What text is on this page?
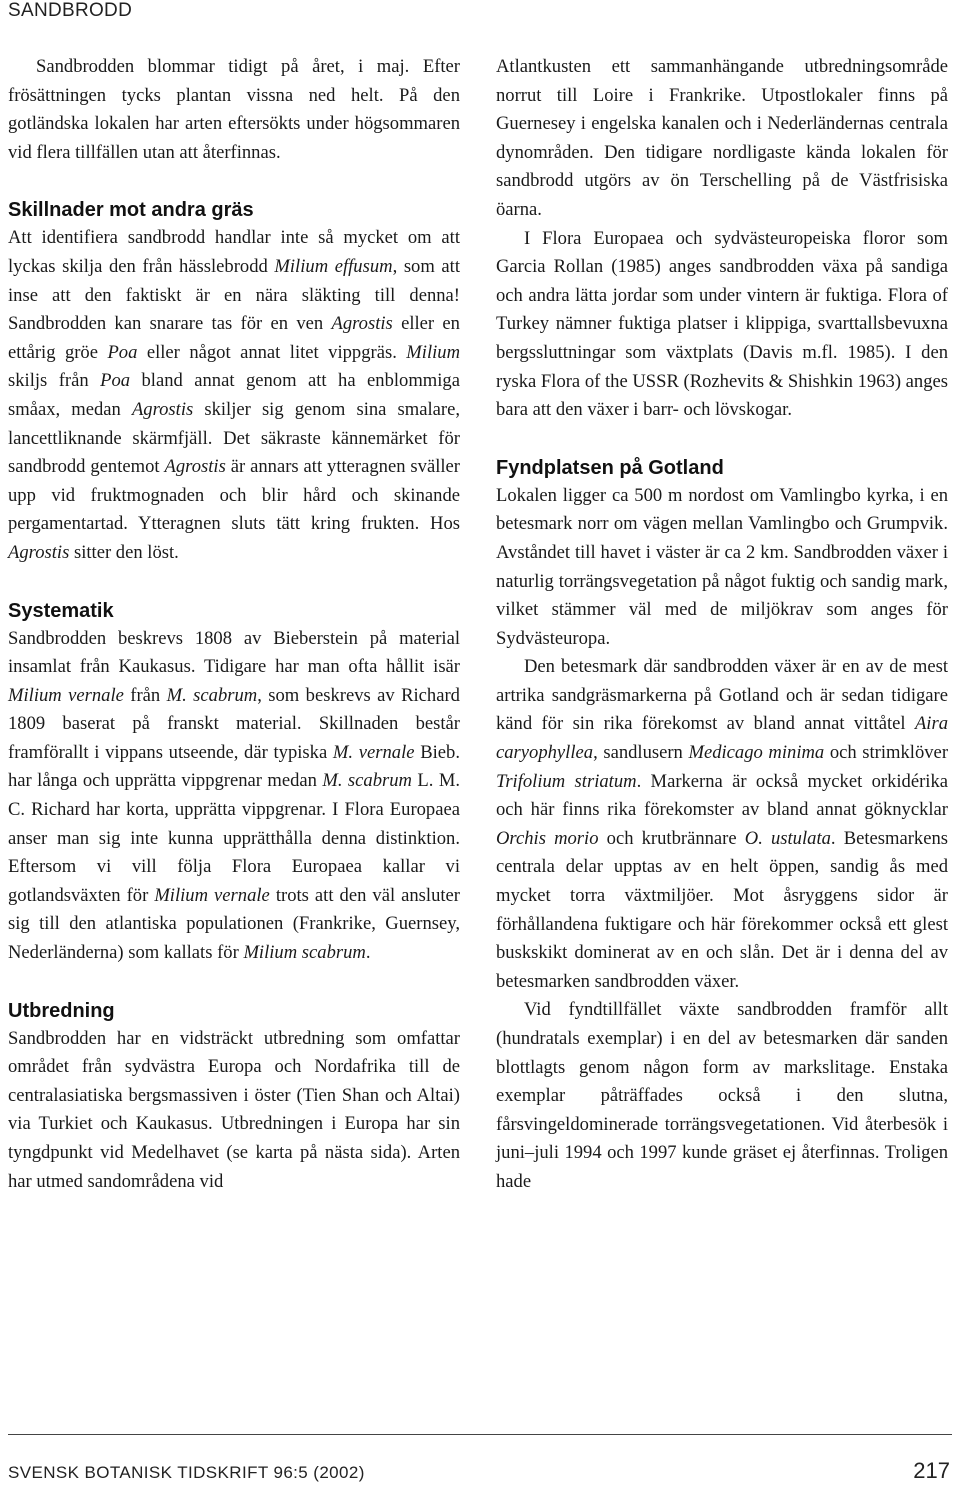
SANDBRODD

Sandbrodden blommar tidigt på året, i maj. Efter frösättningen tycks plantan vissna ned helt. På den gotländska lokalen har arten eftersökts under högsommaren vid flera tillfällen utan att återfinnas.

Skillnader mot andra gräs

Att identifiera sandbrodd handlar inte så mycket om att lyckas skilja den från hässlebrodd Milium effusum, som att inse att den faktiskt är en nära släkting till denna! Sandbrodden kan snarare tas för en ven Agrostis eller en ettårig gröe Poa eller något annat litet vippgräs. Milium skiljs från Poa bland annat genom att ha enblommiga småax, medan Agrostis skiljer sig genom sina smalare, lancettliknande skärmfjäll. Det säkraste kännemärket för sandbrodd gentemot Agrostis är annars att ytteragnen sväller upp vid fruktmognaden och blir hård och skinande pergamentartad. Ytteragnen sluts tätt kring frukten. Hos Agrostis sitter den löst.

Systematik

Sandbrodden beskrevs 1808 av Bieberstein på material insamlat från Kaukasus. Tidigare har man ofta hållit isär Milium vernale från M. scabrum, som beskrevs av Richard 1809 baserat på franskt material. Skillnaden består framförallt i vippans utseende, där typiska M. vernale Bieb. har långa och upprätta vippgrenar medan M. scabrum L. M. C. Richard har korta, upprätta vippgrenar. I Flora Europaea anser man sig inte kunna upprätthålla denna distinktion. Eftersom vi vill följa Flora Europaea kallar vi gotlandsväxten för Milium vernale trots att den väl ansluter sig till den atlantiska populationen (Frankrike, Guernsey, Nederländerna) som kallats för Milium scabrum.

Utbredning

Sandbrodden har en vidsträckt utbredning som omfattar området från sydvästra Europa och Nordafrika till de centralasiatiska bergsmassiven i öster (Tien Shan och Altai) via Turkiet och Kaukasus. Utbredningen i Europa har sin tyngdpunkt vid Medelhavet (se karta på nästa sida). Arten har utmed sandområdena vid

Atlantkusten ett sammanhängande utbredningsområde norrut till Loire i Frankrike. Utpostlokaler finns på Guernesey i engelska kanalen och i Nederländernas centrala dynområden. Den tidigare nordligaste kända lokalen för sandbrodd utgörs av ön Terschelling på de Västfrisiska öarna.

I Flora Europaea och sydvästeuropeiska floror som Garcia Rollan (1985) anges sandbrodden växa på sandiga och andra lätta jordar som under vintern är fuktiga. Flora of Turkey nämner fuktiga platser i klippiga, svarttallsbevuxna bergssluttningar som växtplats (Davis m.fl. 1985). I den ryska Flora of the USSR (Rozhevits & Shishkin 1963) anges bara att den växer i barr- och lövskogar.

Fyndplatsen på Gotland

Lokalen ligger ca 500 m nordost om Vamlingbo kyrka, i en betesmark norr om vägen mellan Vamlingbo och Grumpvik. Avståndet till havet i väster är ca 2 km. Sandbrodden växer i naturlig torrängsvegetation på något fuktig och sandig mark, vilket stämmer väl med de miljökrav som anges för Sydvästeuropa.

Den betesmark där sandbrodden växer är en av de mest artrika sandgräsmarkerna på Gotland och är sedan tidigare känd för sin rika förekomst av bland annat vittåtel Aira caryophyllea, sandlusern Medicago minima och strimklöver Trifolium striatum. Markerna är också mycket orkidérika och här finns rika förekomster av bland annat göknycklar Orchis morio och krutbrännare O. ustulata. Betesmarkens centrala delar upptas av en helt öppen, sandig ås med mycket torra växtmiljöer. Mot åsryggens sidor är förhållandena fuktigare och här förekommer också ett glest buskskikt dominerat av en och slån. Det är i denna del av betesmarken sandbrodden växer.

Vid fyndtillfället växte sandbrodden framför allt (hundratals exemplar) i en del av betesmarken där sanden blottlagts genom någon form av markslitage. Enstaka exemplar påträffades också i den slutna, fårsvingeldominerade torrängsvegetationen. Vid återbesök i juni–juli 1994 och 1997 kunde gräset ej återfinnas. Troligen hade

SVENSK BOTANISK TIDSKRIFT 96:5 (2002)	217
